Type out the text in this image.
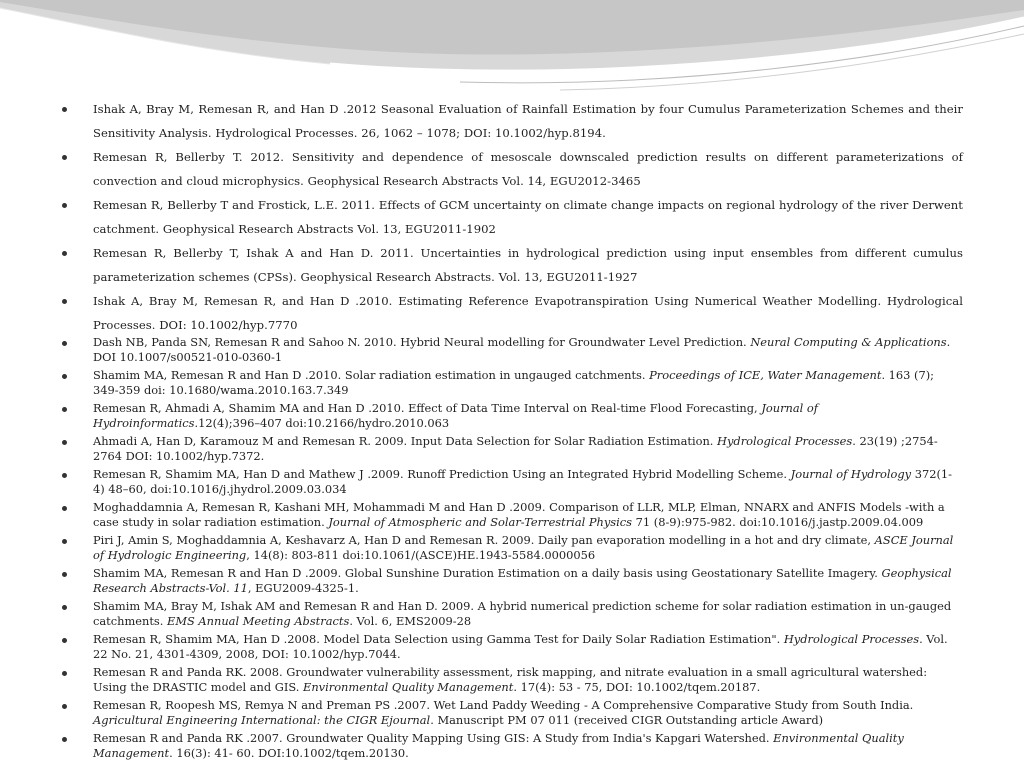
Ishak A, Bray M, Remesan R, and Han D .2012 Seasonal Evaluation of Rainfall Estimation by four Cumulus Parameterization Schemes and their Sensitivity Analysis. Hydrological Processes. 26, 1062 – 1078; DOI: 10.1002/hyp.8194.
Remesan R, Bellerby T. 2012. Sensitivity and dependence of mesoscale downscaled prediction results on different parameterizations of convection and cloud microphysics. Geophysical Research Abstracts Vol. 14, EGU2012-3465
Remesan R, Bellerby T and Frostick, L.E. 2011. Effects of GCM uncertainty on climate change impacts on regional hydrology of the river Derwent catchment. Geophysical Research Abstracts Vol. 13, EGU2011-1902
Remesan R, Bellerby T, Ishak A and Han D. 2011. Uncertainties in hydrological prediction using input ensembles from different cumulus parameterization schemes (CPSs). Geophysical Research Abstracts. Vol. 13, EGU2011-1927
Ishak A, Bray M, Remesan R, and Han D .2010. Estimating Reference Evapotranspiration Using Numerical Weather Modelling. Hydrological Processes. DOI: 10.1002/hyp.7770
Dash NB, Panda SN, Remesan R and Sahoo N. 2010. Hybrid Neural modelling for Groundwater Level Prediction. Neural Computing & Applications. DOI 10.1007/s00521-010-0360-1
Shamim MA, Remesan R and Han D .2010. Solar radiation estimation in ungauged catchments. Proceedings of ICE, Water Management. 163 (7); 349-359 doi: 10.1680/wama.2010.163.7.349
Remesan R, Ahmadi A, Shamim MA and Han D .2010. Effect of Data Time Interval on Real-time Flood Forecasting, Journal of Hydroinformatics.12(4);396–407 doi:10.2166/hydro.2010.063
Ahmadi A, Han D, Karamouz M and Remesan R. 2009. Input Data Selection for Solar Radiation Estimation. Hydrological Processes. 23(19) ;2754-2764 DOI: 10.1002/hyp.7372.
Remesan R, Shamim MA, Han D and Mathew J .2009. Runoff Prediction Using an Integrated Hybrid Modelling Scheme. Journal of Hydrology 372(1-4) 48–60, doi:10.1016/j.jhydrol.2009.03.034
Moghaddamnia A, Remesan R, Kashani MH, Mohammadi M and Han D .2009. Comparison of LLR, MLP, Elman, NNARX and ANFIS Models -with a case study in solar radiation estimation. Journal of Atmospheric and Solar-Terrestrial Physics 71 (8-9):975-982. doi:10.1016/j.jastp.2009.04.009
Piri J, Amin S, Moghaddamnia A, Keshavarz A, Han D and Remesan R. 2009. Daily pan evaporation modelling in a hot and dry climate, ASCE Journal of Hydrologic Engineering, 14(8): 803-811 doi:10.1061/(ASCE)HE.1943-5584.0000056
Shamim MA, Remesan R and Han D .2009. Global Sunshine Duration Estimation on a daily basis using Geostationary Satellite Imagery. Geophysical Research Abstracts-Vol. 11, EGU2009-4325-1.
Shamim MA, Bray M, Ishak AM and Remesan R and Han D. 2009. A hybrid numerical prediction scheme for solar radiation estimation in un-gauged catchments. EMS Annual Meeting Abstracts. Vol. 6, EMS2009-28
Remesan R, Shamim MA, Han D .2008. Model Data Selection using Gamma Test for Daily Solar Radiation Estimation". Hydrological Processes. Vol. 22 No. 21, 4301-4309, 2008, DOI: 10.1002/hyp.7044.
Remesan R and Panda RK. 2008. Groundwater vulnerability assessment, risk mapping, and nitrate evaluation in a small agricultural watershed: Using the DRASTIC model and GIS. Environmental Quality Management. 17(4): 53 - 75, DOI: 10.1002/tqem.20187.
Remesan R, Roopesh MS, Remya N and Preman PS .2007. Wet Land Paddy Weeding - A Comprehensive Comparative Study from South India. Agricultural Engineering International: the CIGR Ejournal. Manuscript PM 07 011 (received CIGR Outstanding article Award)
Remesan R and Panda RK .2007. Groundwater Quality Mapping Using GIS: A Study from India's Kapgari Watershed. Environmental Quality Management. 16(3): 41- 60. DOI:10.1002/tqem.20130.
